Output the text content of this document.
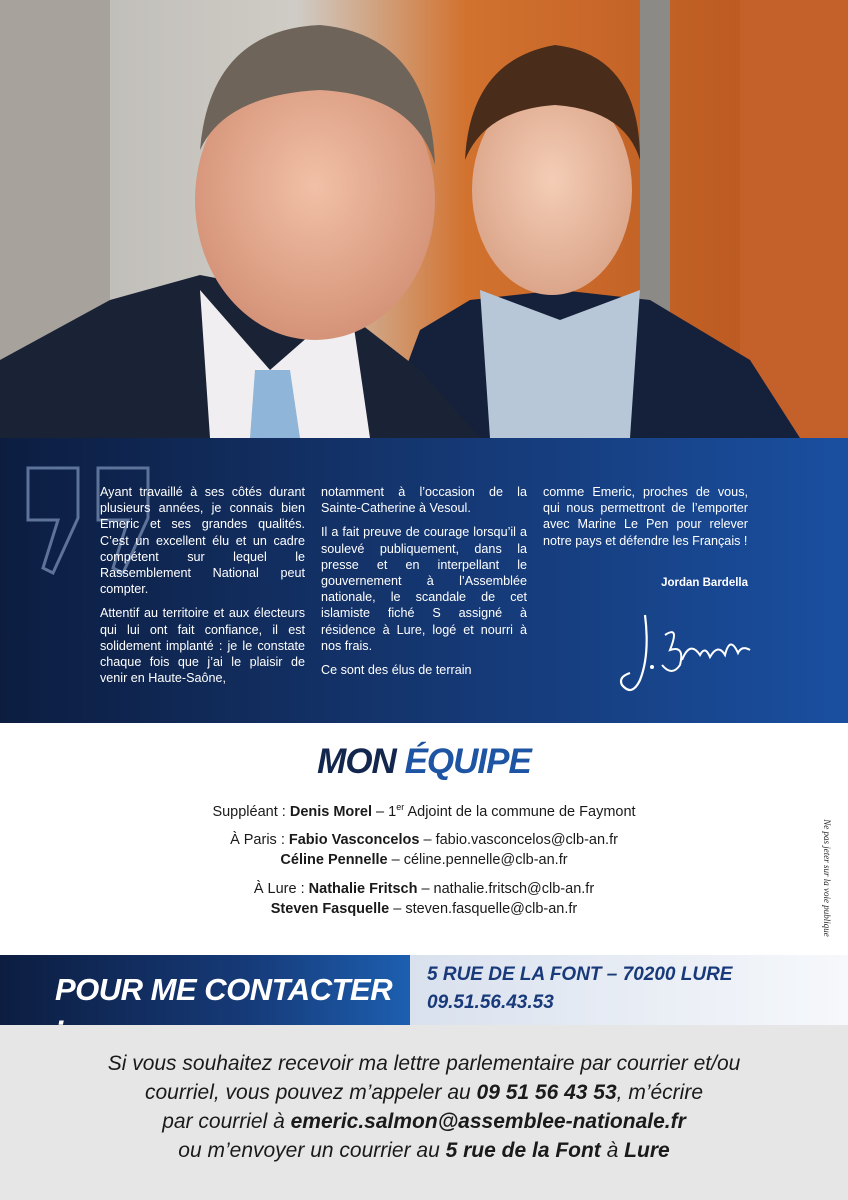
Ayant travaillé à ses côtés durant plusieurs années, je connais bien Emeric et ses grandes qualités. C’est un excellent élu et un cadre compétent sur lequel le Rassemblement National peut compter.

Attentif au territoire et aux électeurs qui lui ont fait confiance, il est solidement implanté : je le constate chaque fois que j’ai le plaisir de venir en Haute-Saône,

notamment à l’occasion de la Sainte-Catherine à Vesoul.

Il a fait preuve de courage lorsqu’il a soulevé publiquement, dans la presse et en interpellant le gouvernement à l’Assemblée nationale, le scandale de cet islamiste fiché S assigné à résidence à Lure, logé et nourri à nos frais.

Ce sont des élus de terrain

comme Emeric, proches de vous, qui nous permettront de l’emporter avec Marine Le Pen pour relever notre pays et défendre les Français !

Jordan Bardella
MON ÉQUIPE
Suppléant : Denis Morel – 1er Adjoint de la commune de Faymont
À Paris : Fabio Vasconcelos – fabio.vasconcelos@clb-an.fr
Céline Pennelle – céline.pennelle@clb-an.fr
À Lure : Nathalie Fritsch – nathalie.fritsch@clb-an.fr
Steven Fasquelle – steven.fasquelle@clb-an.fr	Ne pas jeter sur la voie publique
POUR ME CONTACTER	5 RUE DE LA FONT – 70200 LURE
09.51.56.43.53
Si vous souhaitez recevoir ma lettre parlementaire par courrier et/ou
courriel, vous pouvez m’appeler au 09 51 56 43 53, m’écrire
par courriel à emeric.salmon@assemblee-nationale.fr
ou m’envoyer un courrier au 5 rue de la Font à Lure
